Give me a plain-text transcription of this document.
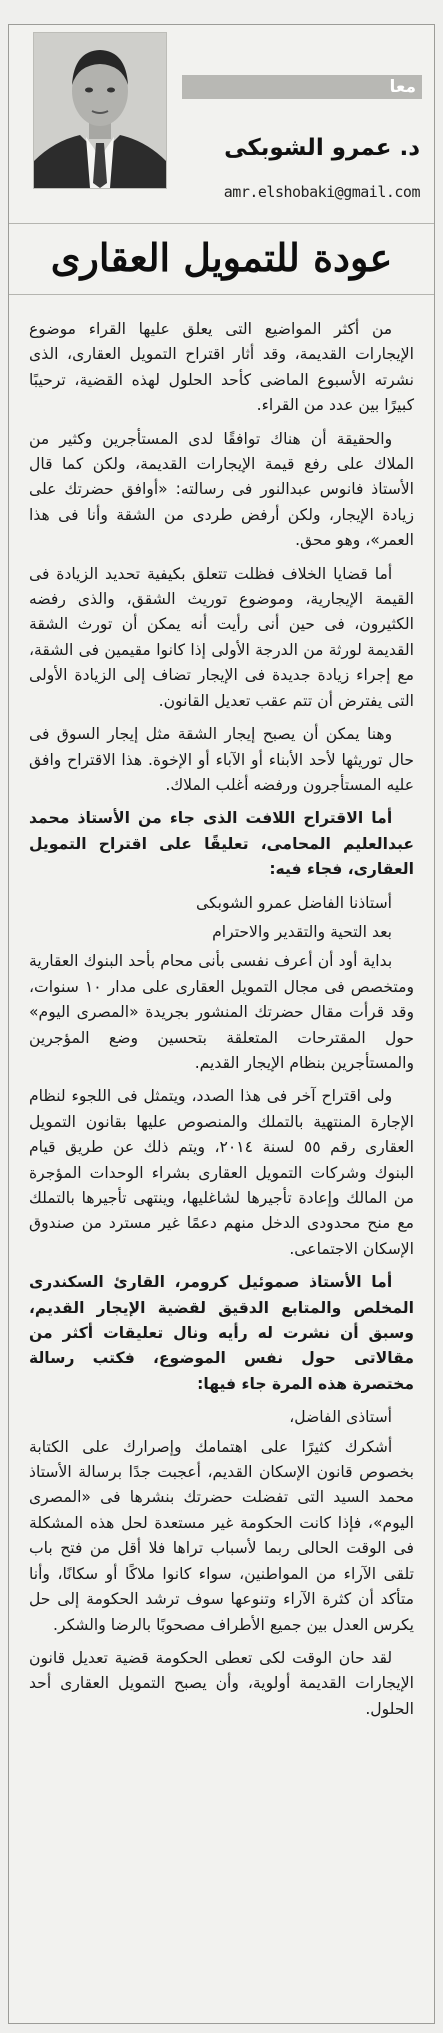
معا
د. عمرو الشوبكى
amr.elshobaki@gmail.com
عودة للتمويل العقارى

من أكثر المواضيع التى يعلق عليها القراء موضوع الإيجارات القديمة، وقد أثار اقتراح التمويل العقارى، الذى نشرته الأسبوع الماضى كأحد الحلول لهذه القضية، ترحيبًا كبيرًا بين عدد من القراء.

والحقيقة أن هناك توافقًا لدى المستأجرين وكثير من الملاك على رفع قيمة الإيجارات القديمة، ولكن كما قال الأستاذ فانوس عبدالنور فى رسالته: «أوافق حضرتك على زيادة الإيجار، ولكن أرفض طردى من الشقة وأنا فى هذا العمر»، وهو محق.

أما قضايا الخلاف فظلت تتعلق بكيفية تحديد الزيادة فى القيمة الإيجارية، وموضوع توريث الشقق، والذى رفضه الكثيرون، فى حين أنى رأيت أنه يمكن أن تورث الشقة القديمة لورثة من الدرجة الأولى إذا كانوا مقيمين فى الشقة، مع إجراء زيادة جديدة فى الإيجار تضاف إلى الزيادة الأولى التى يفترض أن تتم عقب تعديل القانون.

وهنا يمكن أن يصبح إيجار الشقة مثل إيجار السوق فى حال توريثها لأحد الأبناء أو الآباء أو الإخوة. هذا الاقتراح وافق عليه المستأجرون ورفضه أغلب الملاك.

أما الاقتراح اللافت الذى جاء من الأستاذ محمد عبدالعليم المحامى، تعليقًا على اقتراح التمويل العقارى، فجاء فيه:

أستاذنا الفاضل عمرو الشوبكى

بعد التحية والتقدير والاحترام

بداية أود أن أعرف نفسى بأنى محام بأحد البنوك العقارية ومتخصص فى مجال التمويل العقارى على مدار ١٠ سنوات، وقد قرأت مقال حضرتك المنشور بجريدة «المصرى اليوم» حول المقترحات المتعلقة بتحسين وضع المؤجرين والمستأجرين بنظام الإيجار القديم.

ولى اقتراح آخر فى هذا الصدد، ويتمثل فى اللجوء لنظام الإجارة المنتهية بالتملك والمنصوص عليها بقانون التمويل العقارى رقم ٥٥ لسنة ٢٠١٤، ويتم ذلك عن طريق قيام البنوك وشركات التمويل العقارى بشراء الوحدات المؤجرة من المالك وإعادة تأجيرها لشاغليها، وينتهى تأجيرها بالتملك مع منح محدودى الدخل منهم دعمًا غير مسترد من صندوق الإسكان الاجتماعى.

أما الأستاذ صموئيل كرومر، القارئ السكندرى المخلص والمتابع الدقيق لقضية الإيجار القديم، وسبق أن نشرت له رأيه ونال تعليقات أكثر من مقالاتى حول نفس الموضوع، فكتب رسالة مختصرة هذه المرة جاء فيها:

أستاذى الفاضل،

أشكرك كثيرًا على اهتمامك وإصرارك على الكتابة بخصوص قانون الإسكان القديم، أعجبت جدًا برسالة الأستاذ محمد السيد التى تفضلت حضرتك بنشرها فى «المصرى اليوم»، فإذا كانت الحكومة غير مستعدة لحل هذه المشكلة فى الوقت الحالى ربما لأسباب تراها فلا أقل من فتح باب تلقى الآراء من المواطنين، سواء كانوا ملاكًا أو سكانًا، وأنا متأكد أن كثرة الآراء وتنوعها سوف ترشد الحكومة إلى حل يكرس العدل بين جميع الأطراف مصحوبًا بالرضا والشكر.

لقد حان الوقت لكى تعطى الحكومة قضية تعديل قانون الإيجارات القديمة أولوية، وأن يصبح التمويل العقارى أحد الحلول.
